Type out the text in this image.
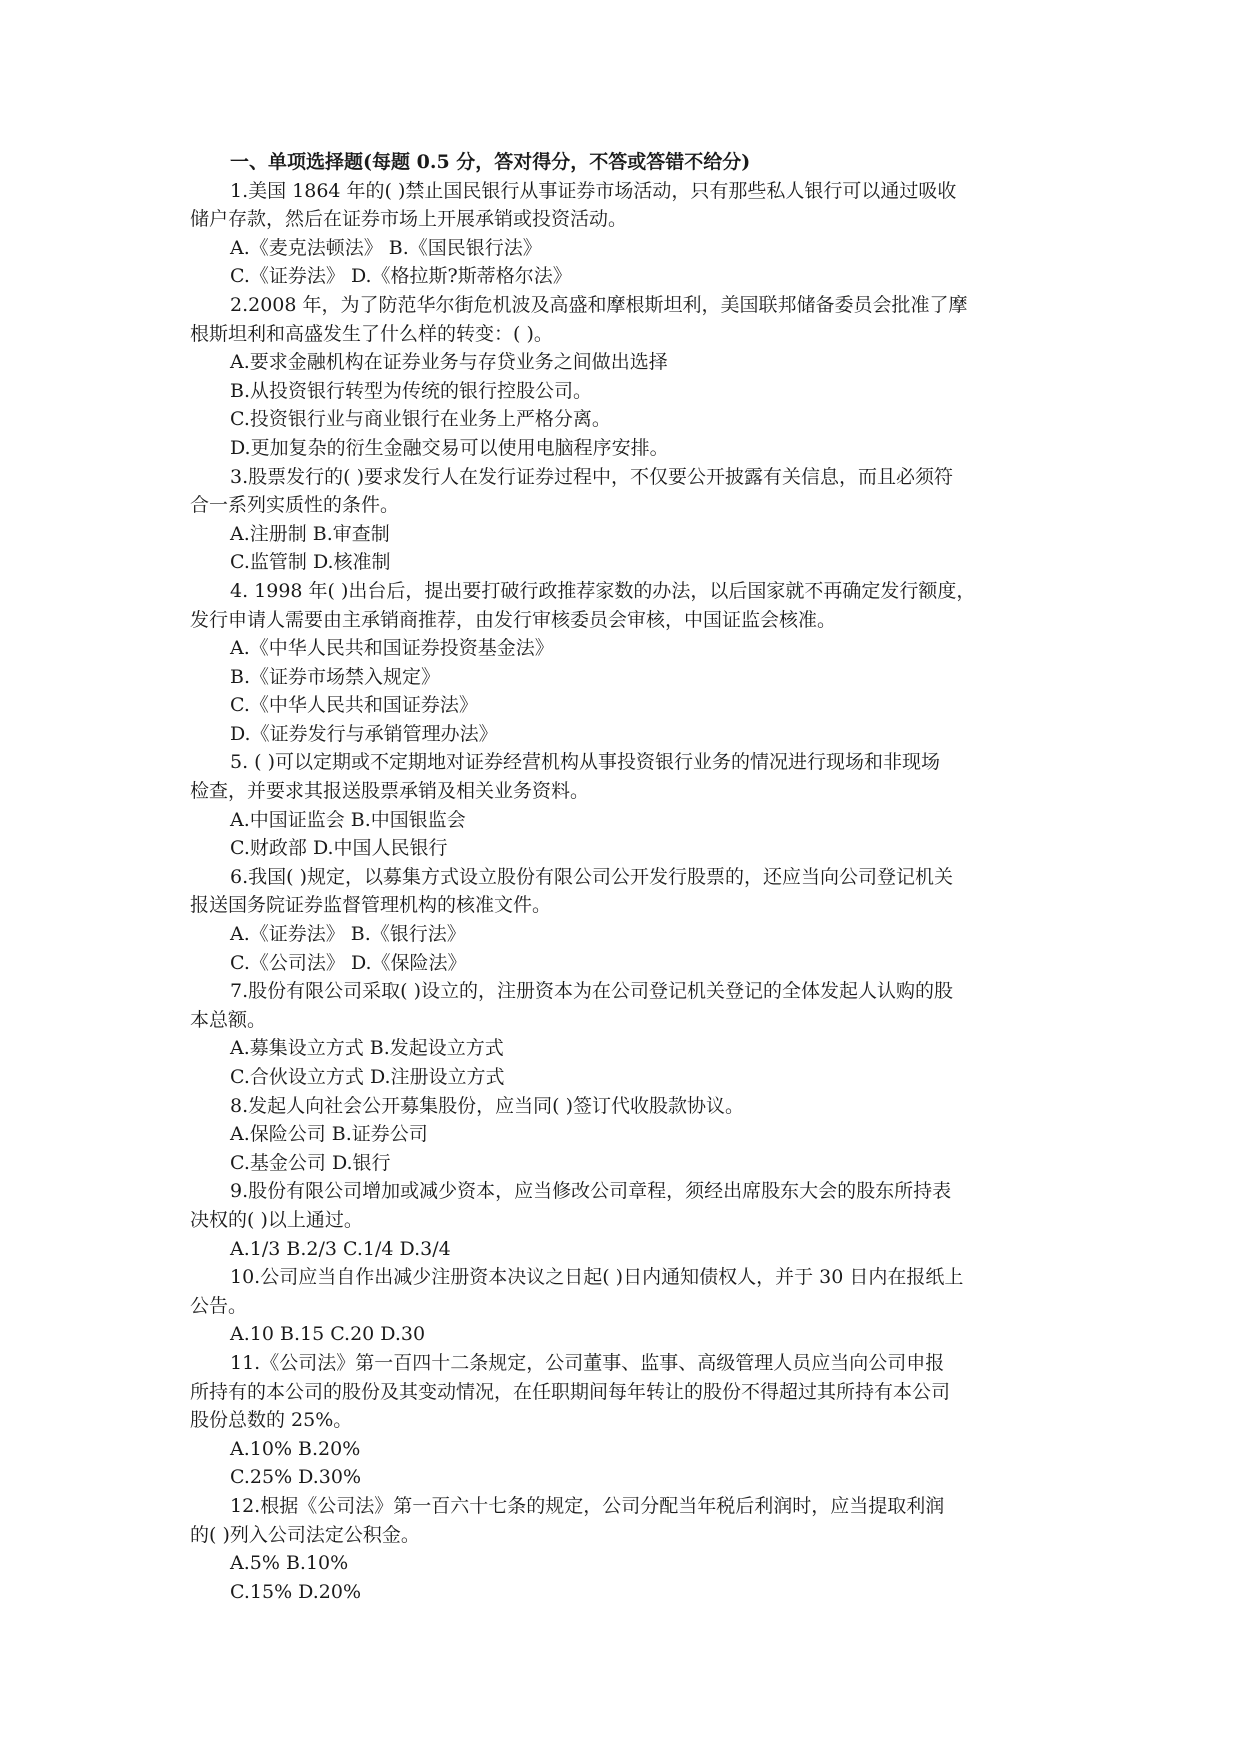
一、单项选择题(每题 0.5 分，答对得分，不答或答错不给分)
1.美国 1864 年的( )禁止国民银行从事证券市场活动，只有那些私人银行可以通过吸收
储户存款，然后在证券市场上开展承销或投资活动。
A.《麦克法顿法》 B.《国民银行法》
C.《证券法》 D.《格拉斯?斯蒂格尔法》
2.2008 年，为了防范华尔街危机波及高盛和摩根斯坦利，美国联邦储备委员会批准了摩
根斯坦利和高盛发生了什么样的转变：( )。
A.要求金融机构在证券业务与存贷业务之间做出选择
B.从投资银行转型为传统的银行控股公司。
C.投资银行业与商业银行在业务上严格分离。
D.更加复杂的衍生金融交易可以使用电脑程序安排。
3.股票发行的( )要求发行人在发行证券过程中，不仅要公开披露有关信息，而且必须符
合一系列实质性的条件。
A.注册制 B.审查制
C.监管制 D.核准制
4. 1998 年( )出台后，提出要打破行政推荐家数的办法，以后国家就不再确定发行额度，
发行申请人需要由主承销商推荐，由发行审核委员会审核，中国证监会核准。
A.《中华人民共和国证券投资基金法》
B.《证券市场禁入规定》
C.《中华人民共和国证券法》
D.《证券发行与承销管理办法》
5. ( )可以定期或不定期地对证券经营机构从事投资银行业务的情况进行现场和非现场
检查，并要求其报送股票承销及相关业务资料。
A.中国证监会 B.中国银监会
C.财政部 D.中国人民银行
6.我国( )规定，以募集方式设立股份有限公司公开发行股票的，还应当向公司登记机关
报送国务院证券监督管理机构的核准文件。
A.《证券法》 B.《银行法》
C.《公司法》 D.《保险法》
7.股份有限公司采取( )设立的，注册资本为在公司登记机关登记的全体发起人认购的股
本总额。
A.募集设立方式 B.发起设立方式
C.合伙设立方式 D.注册设立方式
8.发起人向社会公开募集股份，应当同( )签订代收股款协议。
A.保险公司 B.证券公司
C.基金公司 D.银行
9.股份有限公司增加或减少资本，应当修改公司章程，须经出席股东大会的股东所持表
决权的( )以上通过。
A.1/3 B.2/3 C.1/4 D.3/4
10.公司应当自作出减少注册资本决议之日起( )日内通知债权人，并于 30 日内在报纸上
公告。
A.10 B.15 C.20 D.30
11.《公司法》第一百四十二条规定，公司董事、监事、高级管理人员应当向公司申报
所持有的本公司的股份及其变动情况，在任职期间每年转让的股份不得超过其所持有本公司
股份总数的 25%。
A.10% B.20%
C.25% D.30%
12.根据《公司法》第一百六十七条的规定，公司分配当年税后利润时，应当提取利润
的( )列入公司法定公积金。
A.5% B.10%
C.15% D.20%
